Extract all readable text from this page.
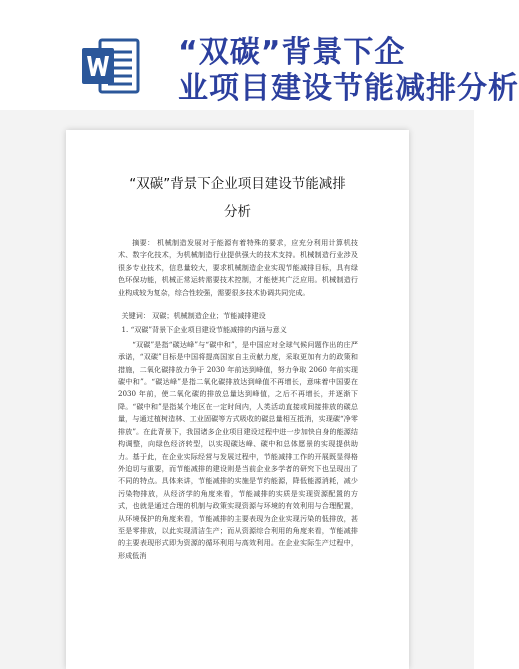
“双碳”背景下企
业项目建设节能减排分析
“双碳”背景下企业项目建设节能减排
分析

摘要： 机械制造发展对于能源有着特殊的要求，应充分利用计算机技术、数字化技术，为机械制造行业提供强大的技术支持。机械制造行业涉及很多专业技术，信息量较大，要求机械制造企业实现节能减排目标，具有绿色环保功能，机械正常运转需要技术控制，才能使其广泛应用。机械制造行业构成较为复杂，综合性较强，需要很多技术协调共同完成。

关键词： 双碳；机械制造企业；节能减排建设

1. “双碳”背景下企业项目建设节能减排的内涵与意义

“双碳”是指“碳达峰”与“碳中和”，是中国应对全球气候问题作出的庄严承诺，“双碳”目标是中国将提高国家自主贡献力度，采取更加有力的政策和措施，二氧化碳排放力争于 2030 年前达到峰值，努力争取 2060 年前实现碳中和”。“碳达峰”是指二氧化碳排放达到峰值不再增长，意味着中国要在 2030 年前，使二氧化碳的排放总量达到峰值，之后不再增长，并逐渐下降。“碳中和”是指某个地区在一定时间内，人类活动直接或间接排放的碳总量，与通过植树造林、工业固碳等方式吸收的碳总量相互抵消，实现碳“净零排放”。在此背景下，我国诸多企业项目建设过程中进一步加快自身的能源结构调整，向绿色经济转型，以实现碳达峰、碳中和总体愿景的实现提供助力。基于此，在企业实际经营与发展过程中，节能减排工作的开展既显得格外迫切与重要，而节能减排的建设则是当前企业多学者的研究下也呈现出了不同的特点。具体来讲，节能减排的实施是节约能源，降低能源消耗，减少污染物排放，从经济学的角度来看，节能减排的实质是实现资源配置的方式，也就是通过合理的机制与政策实现资源与环境的有效利用与合理配置，从环境保护的角度来看，节能减排的主要表现为企业实现污染的低排放，甚至是零排放，以此实现清洁生产；而从资源综合利用的角度来看，节能减排的主要表现形式即为资源的循环利用与高效利用。在企业实际生产过程中， 形成低消
